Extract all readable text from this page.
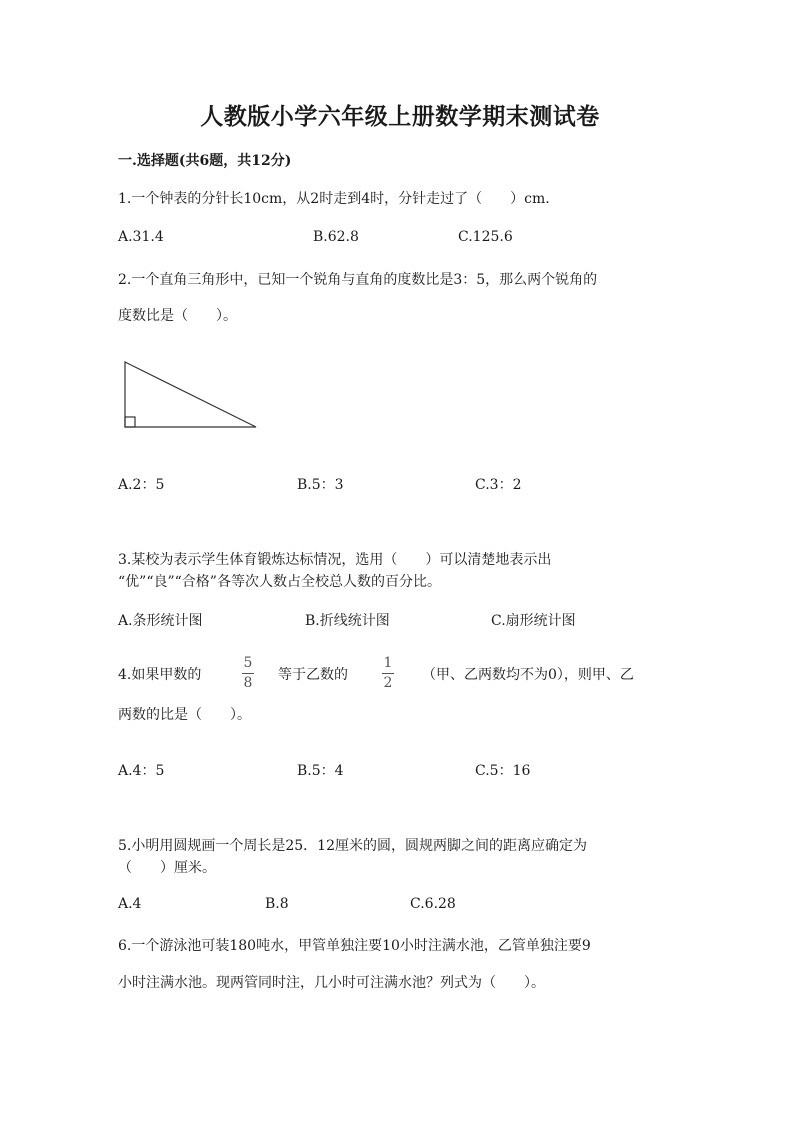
人教版小学六年级上册数学期末测试卷
一.选择题(共6题，共12分)
1.一个钟表的分针长10cm，从2时走到4时，分针走过了（　　）cm.
A.31.4	B.62.8	C.125.6
2.一个直角三角形中，已知一个锐角与直角的度数比是3：5，那么两个锐角的
度数比是（　　）。
A.2：5	B.5：3	C.3：2
3.某校为表示学生体育锻炼达标情况，选用（　　）可以清楚地表示出
“优”“良”“合格”各等次人数占全校总人数的百分比。
A.条形统计图	B.折线统计图	C.扇形统计图
4.如果甲数的
5
8 等于乙数的
1
2 （甲、乙两数均不为0），则甲、乙
两数的比是（　　）。
A.4：5	B.5：4	C.5：16
5.小明用圆规画一个周长是25．12厘米的圆，圆规两脚之间的距离应确定为
（　　）厘米。
A.4	B.8	C.6.28
6.一个游泳池可装180吨水，甲管单独注要10小时注满水池，乙管单独注要9
小时注满水池。现两管同时注，几小时可注满水池？列式为（　　）。
